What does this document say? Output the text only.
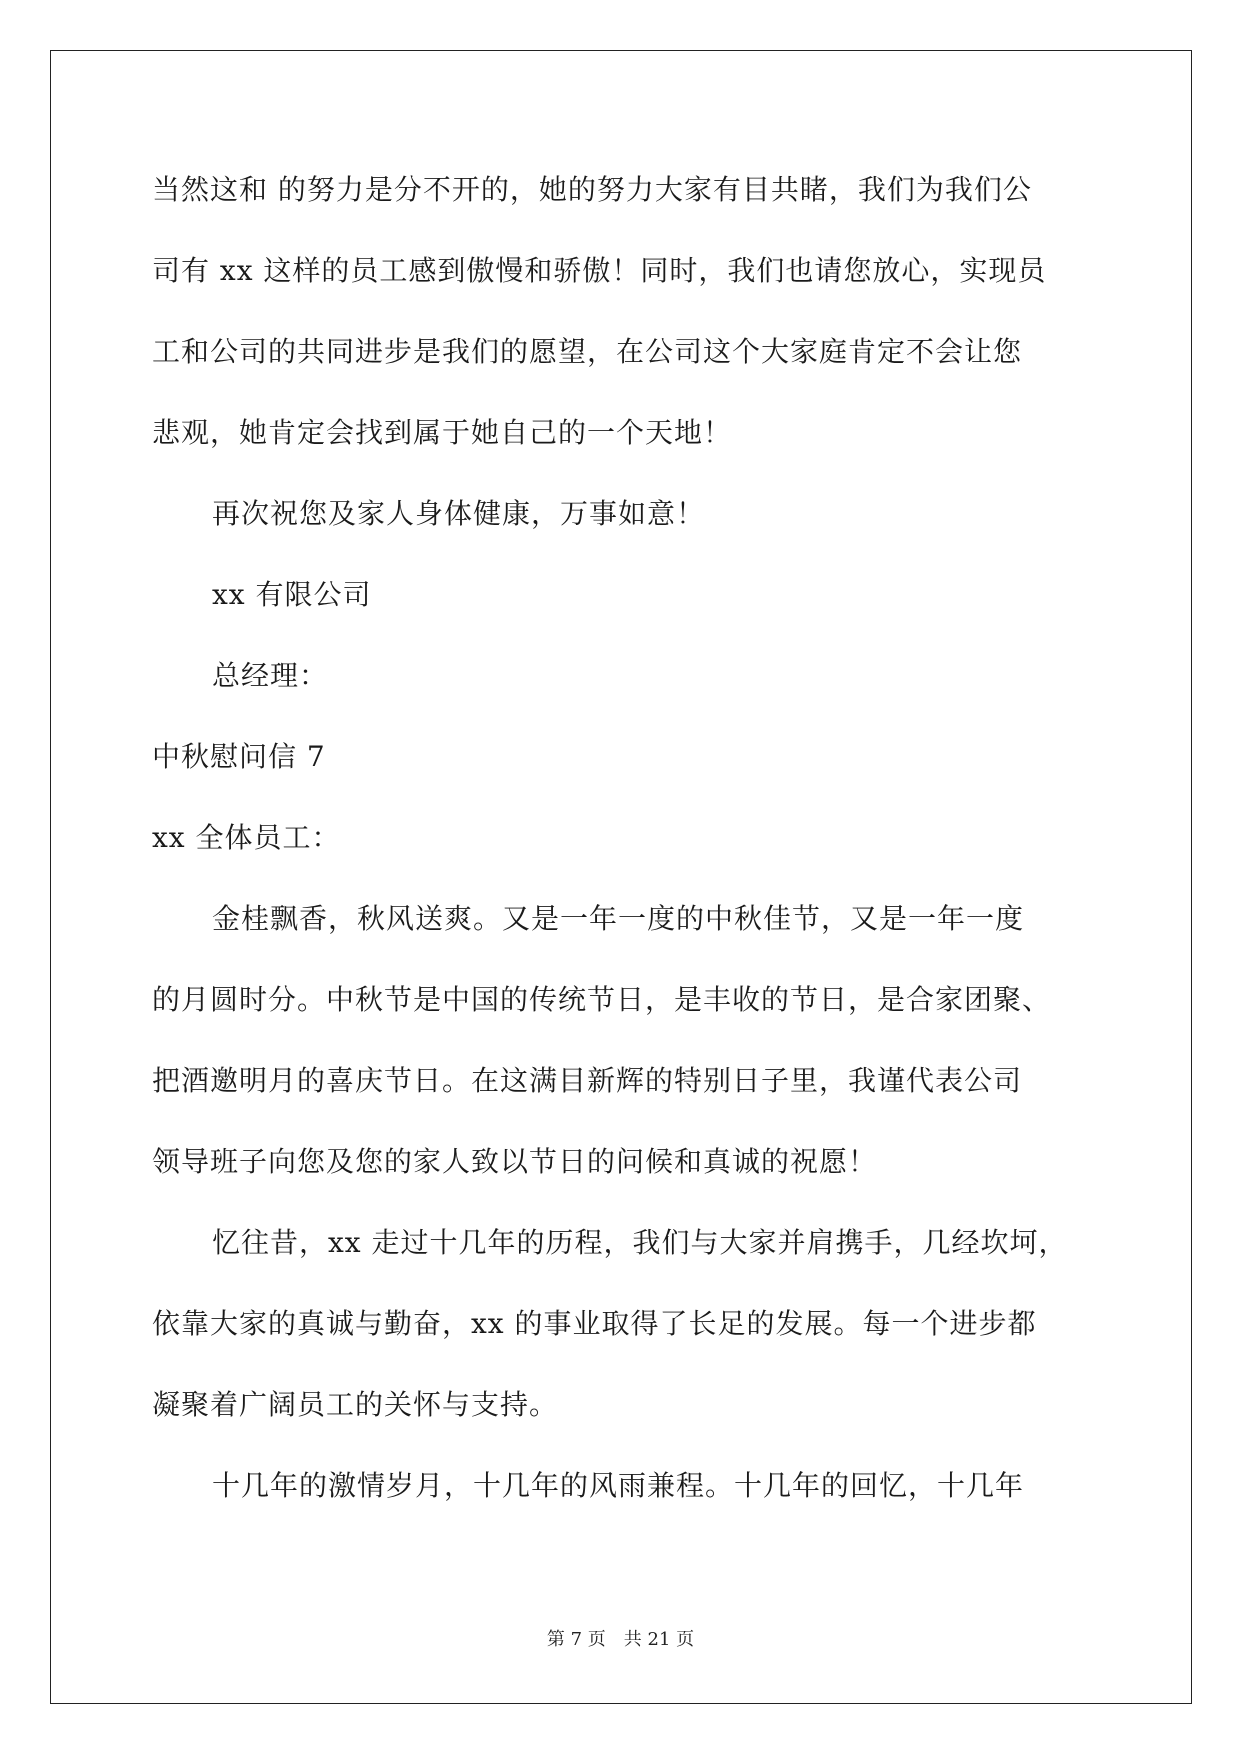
当然这和 的努力是分不开的，她的努力大家有目共睹，我们为我们公
司有 xx 这样的员工感到傲慢和骄傲！同时，我们也请您放心，实现员
工和公司的共同进步是我们的愿望，在公司这个大家庭肯定不会让您
悲观，她肯定会找到属于她自己的一个天地！
再次祝您及家人身体健康，万事如意！
xx 有限公司
总经理：
中秋慰问信 7
xx 全体员工：
金桂飘香，秋风送爽。又是一年一度的中秋佳节，又是一年一度
的月圆时分。中秋节是中国的传统节日，是丰收的节日，是合家团聚、
把酒邀明月的喜庆节日。在这满目新辉的特别日子里，我谨代表公司
领导班子向您及您的家人致以节日的问候和真诚的祝愿！
忆往昔，xx 走过十几年的历程，我们与大家并肩携手，几经坎坷，
依靠大家的真诚与勤奋，xx 的事业取得了长足的发展。每一个进步都
凝聚着广阔员工的关怀与支持。
十几年的激情岁月，十几年的风雨兼程。十几年的回忆，十几年
第 7 页 共 21 页
